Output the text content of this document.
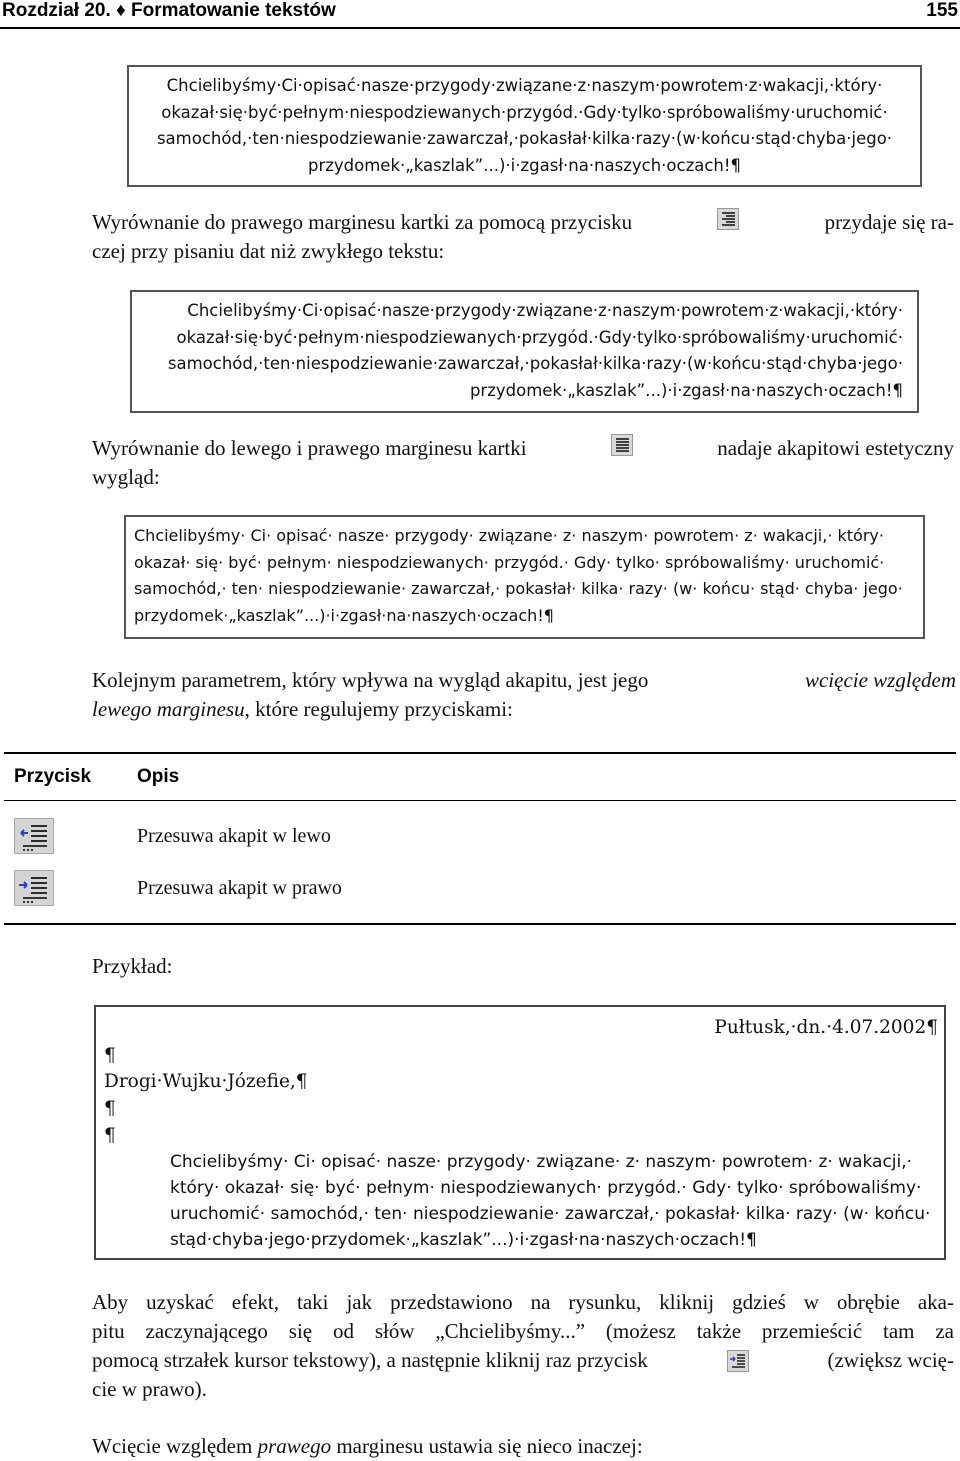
Rozdział 20. ♦ Formatowanie tekstów	155
Chcielibyśmy·Ci·opisać·nasze·przygody·związane·z·naszym·powrotem·z·wakacji,·który·
okazał·się·być·pełnym·niespodziewanych·przygód.·Gdy·tylko·spróbowaliśmy·uruchomić·
samochód,·ten·niespodziewanie·zawarczał,·pokasłał·kilka·razy·(w·końcu·stąd·chyba·jego·
przydomek·„kaszlak”...)·i·zgasł·na·naszych·oczach!¶
Wyrównanie do prawego marginesu kartki za pomocą przycisku	przydaje się ra-
czej przy pisaniu dat niż zwykłego tekstu:
Chcielibyśmy·Ci·opisać·nasze·przygody·związane·z·naszym·powrotem·z·wakacji,·który·
okazał·się·być·pełnym·niespodziewanych·przygód.·Gdy·tylko·spróbowaliśmy·uruchomić·
samochód,·ten·niespodziewanie·zawarczał,·pokasłał·kilka·razy·(w·końcu·stąd·chyba·jego·
przydomek·„kaszlak”...)·i·zgasł·na·naszych·oczach!¶
Wyrównanie do lewego i prawego marginesu kartki	nadaje akapitowi estetyczny
wygląd:
Chcielibyśmy· Ci· opisać· nasze· przygody· związane· z· naszym· powrotem· z· wakacji,· który·
okazał· się· być· pełnym· niespodziewanych· przygód.· Gdy· tylko· spróbowaliśmy· uruchomić·
samochód,· ten· niespodziewanie· zawarczał,· pokasłał· kilka· razy· (w· końcu· stąd· chyba· jego·
przydomek·„kaszlak”...)·i·zgasł·na·naszych·oczach!¶
Kolejnym parametrem, który wpływa na wygląd akapitu, jest jego	wcięcie względem
lewego marginesu, które regulujemy przyciskami:
Przycisk Opis
Przesuwa akapit w lewo
Przesuwa akapit w prawo
Przykład:
Pułtusk,·dn.·4.07.2002¶
¶
Drogi·Wujku·Józefie,¶
¶
¶
Chcielibyśmy· Ci· opisać· nasze· przygody· związane· z· naszym· powrotem· z· wakacji,·
który· okazał· się· być· pełnym· niespodziewanych· przygód.· Gdy· tylko· spróbowaliśmy·
uruchomić· samochód,· ten· niespodziewanie· zawarczał,· pokasłał· kilka· razy· (w· końcu·
stąd·chyba·jego·przydomek·„kaszlak”...)·i·zgasł·na·naszych·oczach!¶
Aby uzyskać efekt, taki jak przedstawiono na rysunku, kliknij gdzieś w obrębie aka-
pitu zaczynającego się od słów „Chcielibyśmy...” (możesz także przemieścić tam za
pomocą strzałek kursor tekstowy), a następnie kliknij raz przycisk	(zwiększ wcię-
cie w prawo).
Wcięcie względem prawego marginesu ustawia się nieco inaczej:
